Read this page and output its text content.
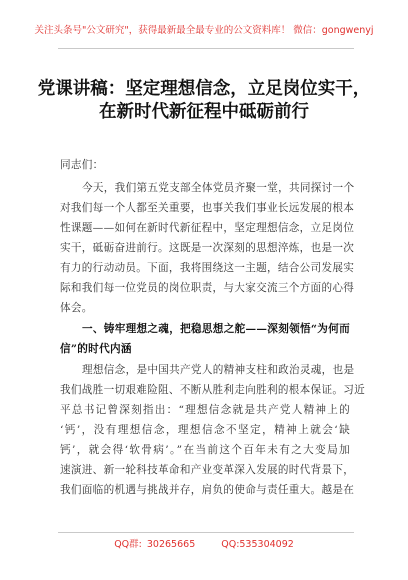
关注头条号"公文研究"，获得最新最全最专业的公文资料库！ 微信：gongwenyj
党课讲稿：坚定理想信念，立足岗位实干，
在新时代新征程中砥砺前行
同志们：
今天，我们第五党支部全体党员齐聚一堂，共同探讨一个
对我们每一个人都至关重要，也事关我们事业长远发展的根本
性课题——如何在新时代新征程中，坚定理想信念，立足岗位
实干，砥砺奋进前行。这既是一次深刻的思想淬炼，也是一次
有力的行动动员。下面，我将围绕这一主题，结合公司发展实
际和我们每一位党员的岗位职责，与大家交流三个方面的心得
体会。
一、铸牢理想之魂，把稳思想之舵——深刻领悟“为何而
信”的时代内涵
理想信念，是中国共产党人的精神支柱和政治灵魂，也是
我们战胜一切艰难险阻、不断从胜利走向胜利的根本保证。习近
平总书记曾深刻指出：“理想信念就是共产党人精神上的
‘钙’，没有理想信念，理想信念不坚定，精神上就会‘缺
钙’，就会得‘软骨病’。”在当前这个百年未有之大变局加
速演进、新一轮科技革命和产业变革深入发展的时代背景下，
我们面临的机遇与挑战并存，肩负的使命与责任重大。越是在
QQ群: 30265665	QQ:535304092
